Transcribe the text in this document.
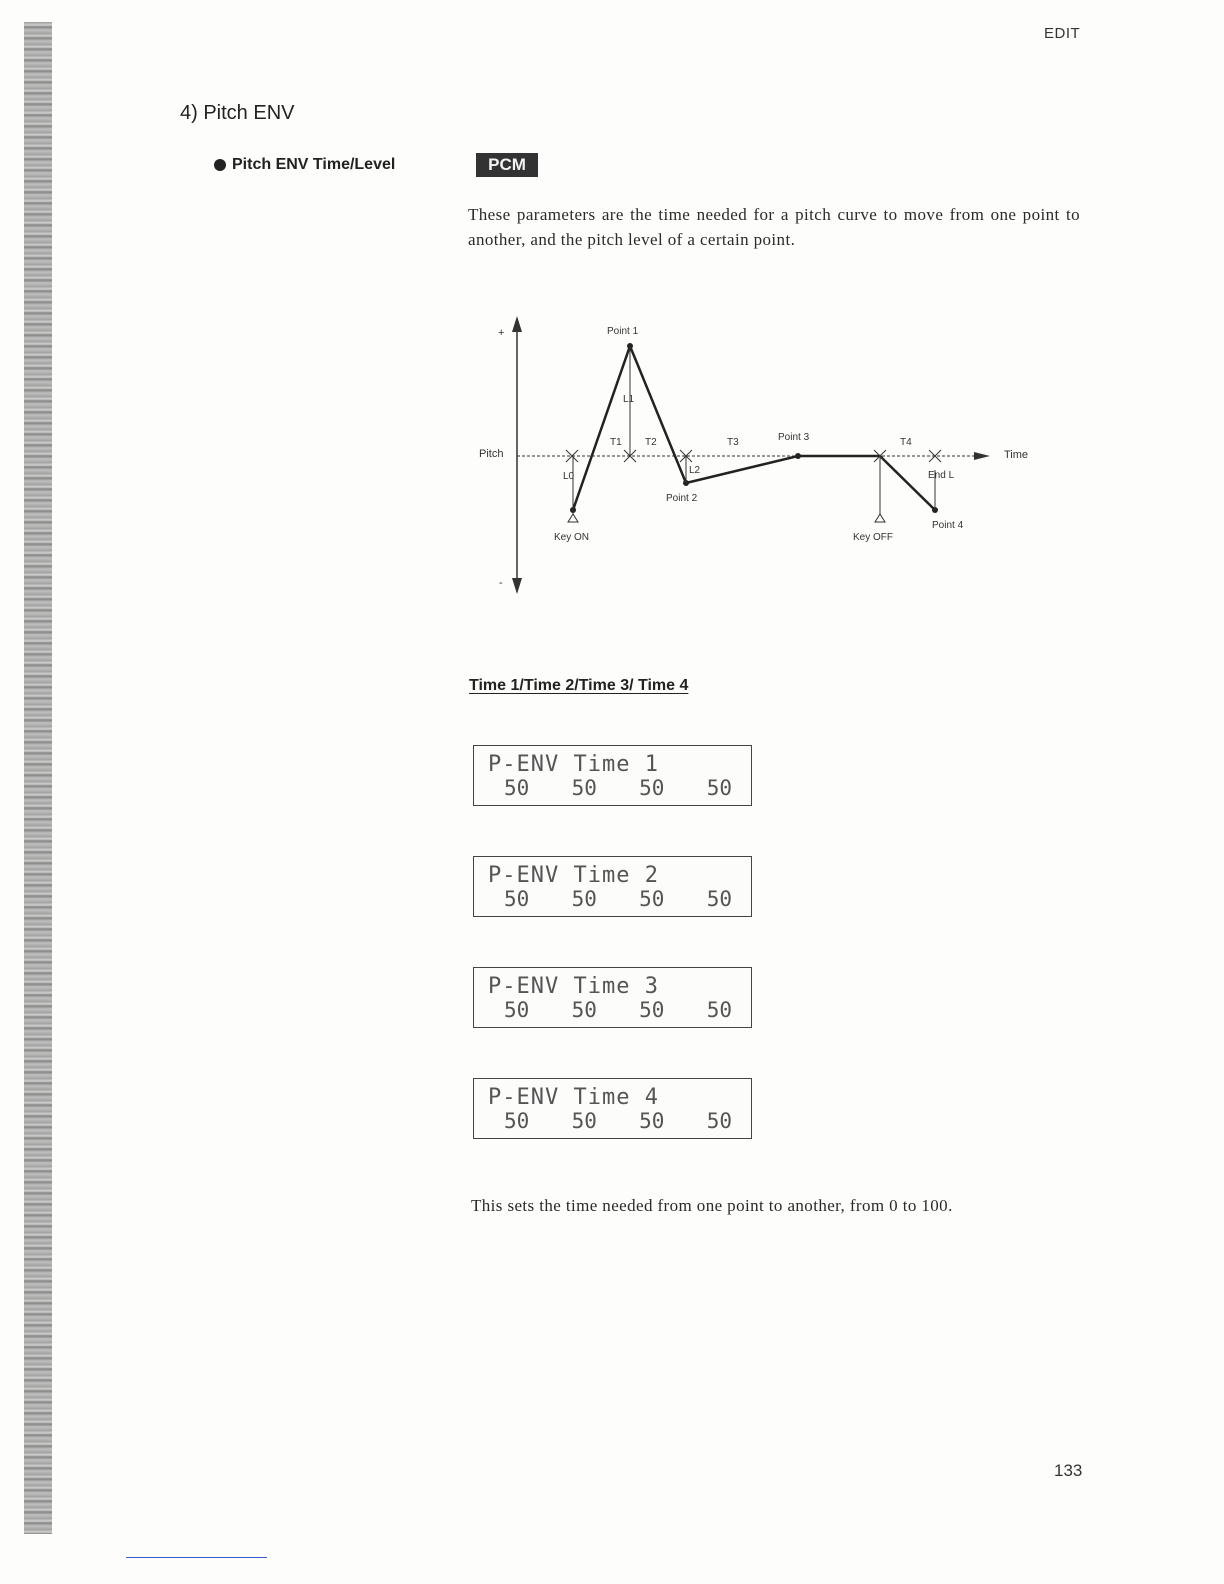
EDIT
4) Pitch ENV
Pitch ENV Time/Level	PCM
These parameters are the time needed for a pitch curve to move from one point to another, and the pitch level of a certain point.
+
-
Pitch	Time
Point 1
Point 2
Point 3
Point 4
L1
L0
L2	End L
T1 T2	T3	T4
Key ON	Key OFF
Time 1/Time 2/Time 3/ Time 4
P-ENV Time 1
50 50 50 50
P-ENV Time 2
50 50 50 50
P-ENV Time 3
50 50 50 50
P-ENV Time 4
50 50 50 50
This sets the time needed from one point to another, from 0 to 100.
133
